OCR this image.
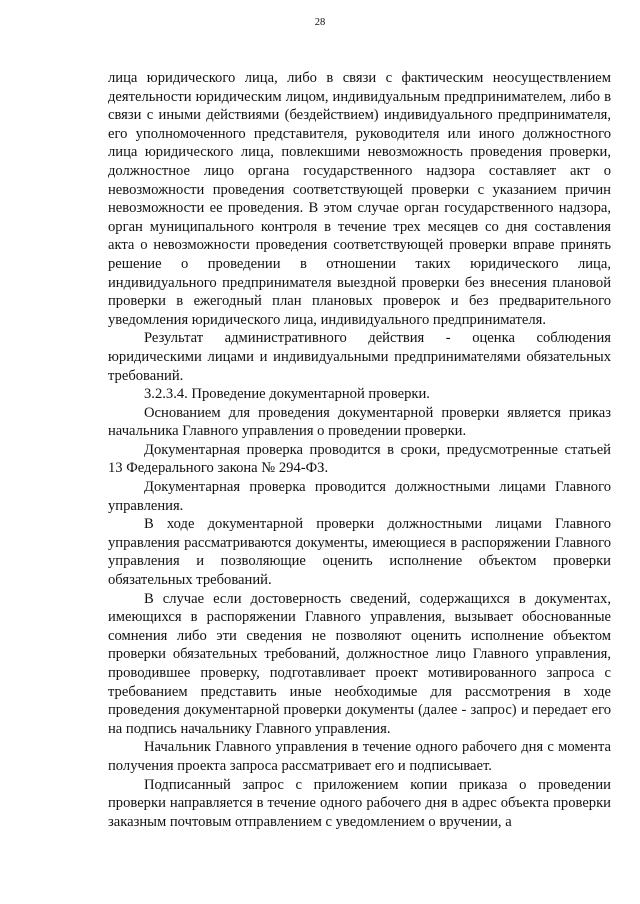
28

лица юридического лица, либо в связи с фактическим неосуществлением деятельности юридическим лицом, индивидуальным предпринимателем, либо в связи с иными действиями (бездействием) индивидуального предпринимателя, его уполномоченного представителя, руководителя или иного должностного лица юридического лица, повлекшими невозможность проведения проверки, должностное лицо органа государственного надзора составляет акт о невозможности проведения соответствующей проверки с указанием причин невозможности ее проведения. В этом случае орган государственного надзора, орган муниципального контроля в течение трех месяцев со дня составления акта о невозможности проведения соответствующей проверки вправе принять решение о проведении в отношении таких юридического лица, индивидуального предпринимателя выездной проверки без внесения плановой проверки в ежегодный план плановых проверок и без предварительного уведомления юридического лица, индивидуального предпринимателя.

Результат административного действия - оценка соблюдения юридическими лицами и индивидуальными предпринимателями обязательных требований.

3.2.3.4. Проведение документарной проверки.

Основанием для проведения документарной проверки является приказ начальника Главного управления о проведении проверки.

Документарная проверка проводится в сроки, предусмотренные статьей 13 Федерального закона № 294-ФЗ.

Документарная проверка проводится должностными лицами Главного управления.

В ходе документарной проверки должностными лицами Главного управления рассматриваются документы, имеющиеся в распоряжении Главного управления и позволяющие оценить исполнение объектом проверки обязательных требований.

В случае если достоверность сведений, содержащихся в документах, имеющихся в распоряжении Главного управления, вызывает обоснованные сомнения либо эти сведения не позволяют оценить исполнение объектом проверки обязательных требований, должностное лицо Главного управления, проводившее проверку, подготавливает проект мотивированного запроса с требованием представить иные необходимые для рассмотрения в ходе проведения документарной проверки документы (далее - запрос) и передает его на подпись начальнику Главного управления.

Начальник Главного управления в течение одного рабочего дня с момента получения проекта запроса рассматривает его и подписывает.

Подписанный запрос с приложением копии приказа о проведении проверки направляется в течение одного рабочего дня в адрес объекта проверки заказным почтовым отправлением с уведомлением о вручении, а
